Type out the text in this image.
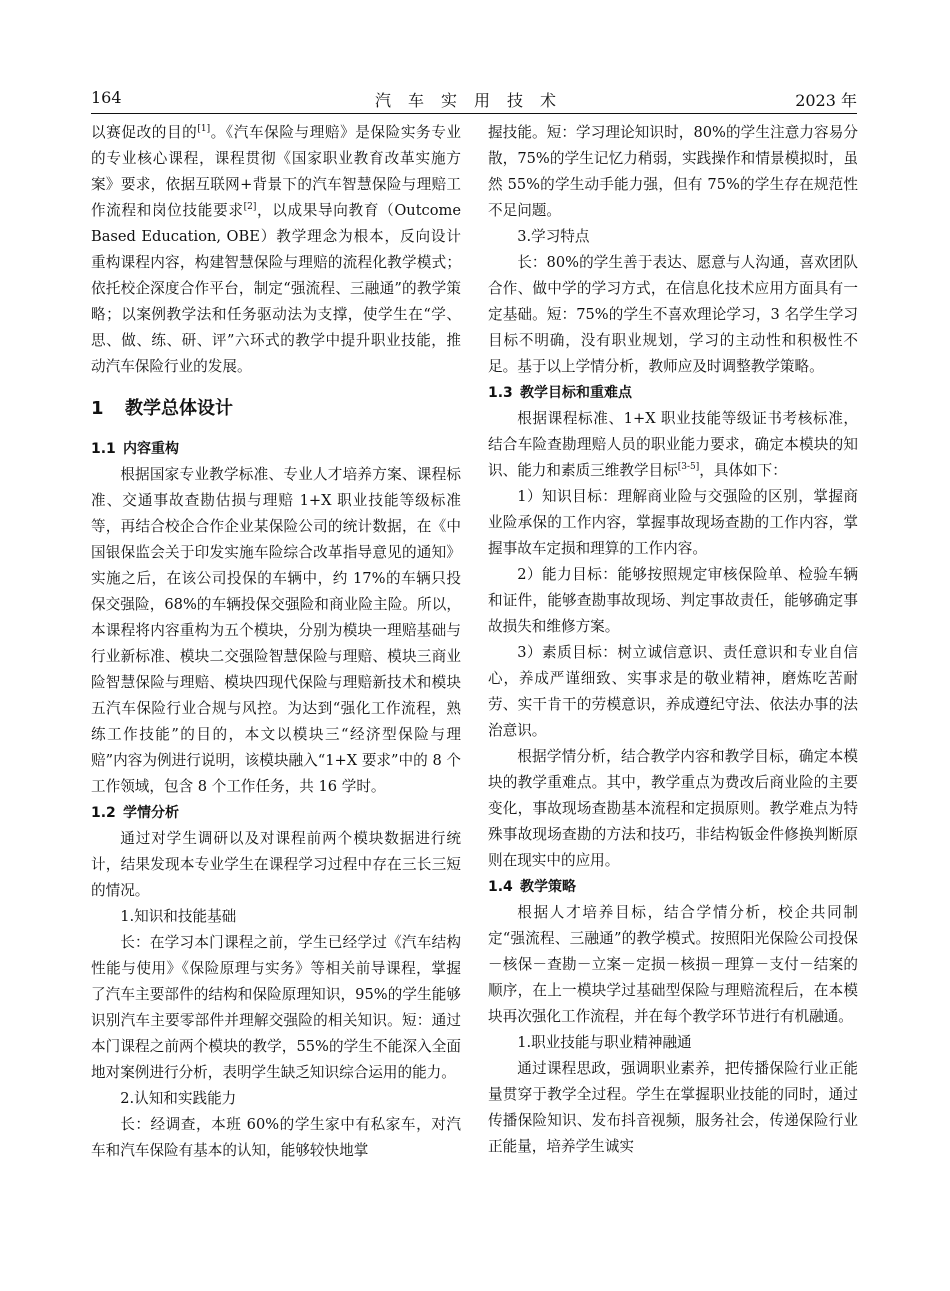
164	汽车实用技术	2023 年

以赛促改的目的[1]。《汽车保险与理赔》是保险实务专业的专业核心课程，课程贯彻《国家职业教育改革实施方案》要求，依据互联网+背景下的汽车智慧保险与理赔工作流程和岗位技能要求[2]，以成果导向教育（Outcome Based Education, OBE）教学理念为根本，反向设计重构课程内容，构建智慧保险与理赔的流程化教学模式；依托校企深度合作平台，制定“强流程、三融通”的教学策略；以案例教学法和任务驱动法为支撑，使学生在“学、思、做、练、研、评”六环式的教学中提升职业技能，推动汽车保险行业的发展。

1 教学总体设计
1.1 内容重构

根据国家专业教学标准、专业人才培养方案、课程标准、交通事故查勘估损与理赔 1+X 职业技能等级标准等，再结合校企合作企业某保险公司的统计数据，在《中国银保监会关于印发实施车险综合改革指导意见的通知》实施之后，在该公司投保的车辆中，约 17%的车辆只投保交强险，68%的车辆投保交强险和商业险主险。所以，本课程将内容重构为五个模块，分别为模块一理赔基础与行业新标准、模块二交强险智慧保险与理赔、模块三商业险智慧保险与理赔、模块四现代保险与理赔新技术和模块五汽车保险行业合规与风控。为达到“强化工作流程，熟练工作技能”的目的，本文以模块三“经济型保险与理赔”内容为例进行说明，该模块融入“1+X 要求”中的 8 个工作领域，包含 8 个工作任务，共 16 学时。

1.2 学情分析

通过对学生调研以及对课程前两个模块数据进行统计，结果发现本专业学生在课程学习过程中存在三长三短的情况。

1.知识和技能基础

长：在学习本门课程之前，学生已经学过《汽车结构性能与使用》《保险原理与实务》等相关前导课程，掌握了汽车主要部件的结构和保险原理知识，95%的学生能够识别汽车主要零部件并理解交强险的相关知识。短：通过本门课程之前两个模块的教学，55%的学生不能深入全面地对案例进行分析，表明学生缺乏知识综合运用的能力。

2.认知和实践能力

长：经调查，本班 60%的学生家中有私家车，对汽车和汽车保险有基本的认知，能够较快地掌

握技能。短：学习理论知识时，80%的学生注意力容易分散，75%的学生记忆力稍弱，实践操作和情景模拟时，虽然 55%的学生动手能力强，但有 75%的学生存在规范性不足问题。

3.学习特点

长：80%的学生善于表达、愿意与人沟通，喜欢团队合作、做中学的学习方式，在信息化技术应用方面具有一定基础。短：75%的学生不喜欢理论学习，3 名学生学习目标不明确，没有职业规划，学习的主动性和积极性不足。基于以上学情分析，教师应及时调整教学策略。

1.3 教学目标和重难点

根据课程标准、1+X 职业技能等级证书考核标准，结合车险查勘理赔人员的职业能力要求，确定本模块的知识、能力和素质三维教学目标[3-5]，具体如下：

1）知识目标：理解商业险与交强险的区别，掌握商业险承保的工作内容，掌握事故现场查勘的工作内容，掌握事故车定损和理算的工作内容。

2）能力目标：能够按照规定审核保险单、检验车辆和证件，能够查勘事故现场、判定事故责任，能够确定事故损失和维修方案。

3）素质目标：树立诚信意识、责任意识和专业自信心，养成严谨细致、实事求是的敬业精神，磨炼吃苦耐劳、实干肯干的劳模意识，养成遵纪守法、依法办事的法治意识。

根据学情分析，结合教学内容和教学目标，确定本模块的教学重难点。其中，教学重点为费改后商业险的主要变化，事故现场查勘基本流程和定损原则。教学难点为特殊事故现场查勘的方法和技巧，非结构钣金件修换判断原则在现实中的应用。

1.4 教学策略

根据人才培养目标，结合学情分析，校企共同制定“强流程、三融通”的教学模式。按照阳光保险公司投保－核保－查勘－立案－定损－核损－理算－支付－结案的顺序，在上一模块学过基础型保险与理赔流程后，在本模块再次强化工作流程，并在每个教学环节进行有机融通。

1.职业技能与职业精神融通

通过课程思政，强调职业素养，把传播保险行业正能量贯穿于教学全过程。学生在掌握职业技能的同时，通过传播保险知识、发布抖音视频，服务社会，传递保险行业正能量，培养学生诚实
